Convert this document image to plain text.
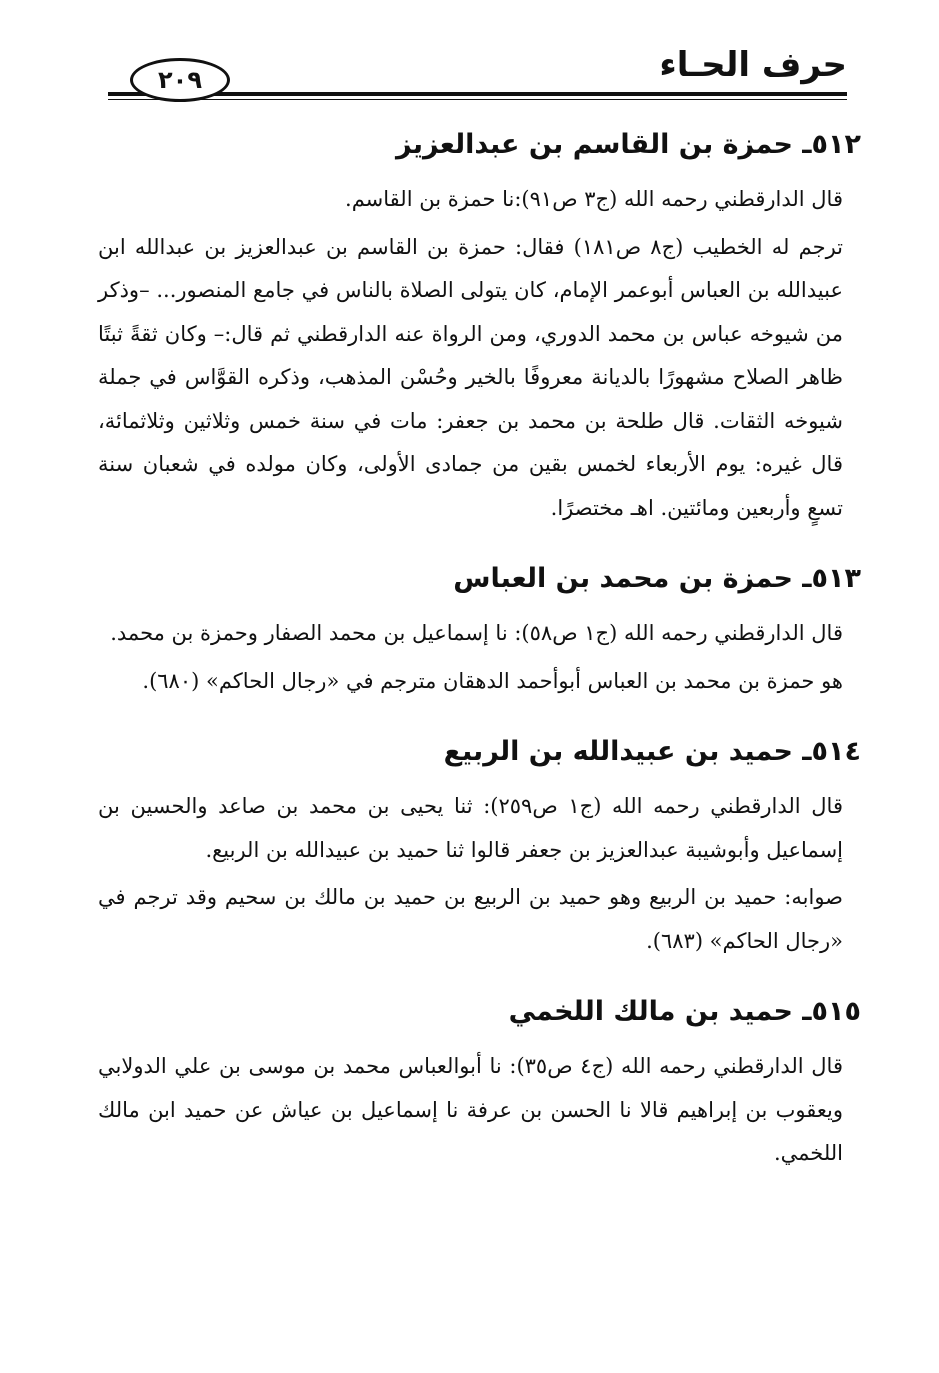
حرف الحـاء
٢٠٩
٥١٢ـ حمزة بن القاسم بن عبدالعزيز

قال الدارقطني رحمه الله (ج٣ ص٩١):نا حمزة بن القاسم.

ترجم له الخطيب (ج٨ ص١٨١) فقال: حمزة بن القاسم بن عبدالعزيز بن عبدالله ابن عبيدالله بن العباس أبوعمر الإمام، كان يتولى الصلاة بالناس في جامع المنصور... –وذكر من شيوخه عباس بن محمد الدوري، ومن الرواة عنه الدارقطني ثم قال:– وكان ثقةً ثبتًا ظاهر الصلاح مشهورًا بالديانة معروفًا بالخير وحُسْن المذهب، وذكره القوَّاس في جملة شيوخه الثقات. قال طلحة بن محمد بن جعفر: مات في سنة خمس وثلاثين وثلاثمائة، قال غيره: يوم الأربعاء لخمس بقين من جمادى الأولى، وكان مولده في شعبان سنة تسعٍ وأربعين ومائتين. اهـ مختصرًا.

٥١٣ـ حمزة بن محمد بن العباس

قال الدارقطني رحمه الله (ج١ ص٥٨): نا إسماعيل بن محمد الصفار وحمزة بن محمد.

هو حمزة بن محمد بن العباس أبوأحمد الدهقان مترجم في «رجال الحاكم» (٦٨٠).

٥١٤ـ حميد بن عبيدالله بن الربيع

قال الدارقطني رحمه الله (ج١ ص٢٥٩): ثنا يحيى بن محمد بن صاعد والحسين بن إسماعيل وأبوشيبة عبدالعزيز بن جعفر قالوا ثنا حميد بن عبيدالله بن الربيع.

صوابه: حميد بن الربيع وهو حميد بن الربيع بن حميد بن مالك بن سحيم وقد ترجم في «رجال الحاكم» (٦٨٣).

٥١٥ـ حميد بن مالك اللخمي

قال الدارقطني رحمه الله (ج٤ ص٣٥): نا أبوالعباس محمد بن موسى بن علي الدولابي ويعقوب بن إبراهيم قالا نا الحسن بن عرفة نا إسماعيل بن عياش عن حميد ابن مالك اللخمي.
